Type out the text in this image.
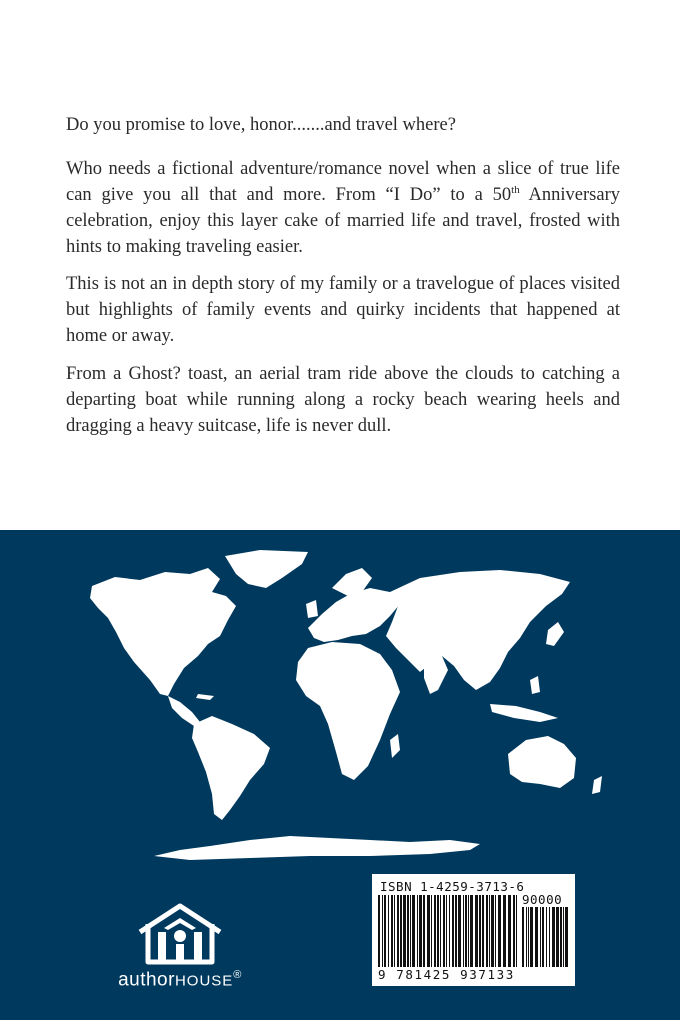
Do you promise to love, honor.......and travel where?

Who needs a fictional adventure/romance novel when a slice of true life can give you all that and more. From “I Do” to a 50th Anniversary celebration, enjoy this layer cake of married life and travel, frosted with hints to making traveling easier.

This is not an in depth story of my family or a travelogue of places visited but highlights of family events and quirky incidents that happened at home or away.

From a Ghost? toast, an aerial tram ride above the clouds to catching a departing boat while running along a rocky beach wearing heels and dragging a heavy suitcase, life is never dull.

authorHOUSE®
ISBN 1-4259-3713-6
90000
9 781425 937133
